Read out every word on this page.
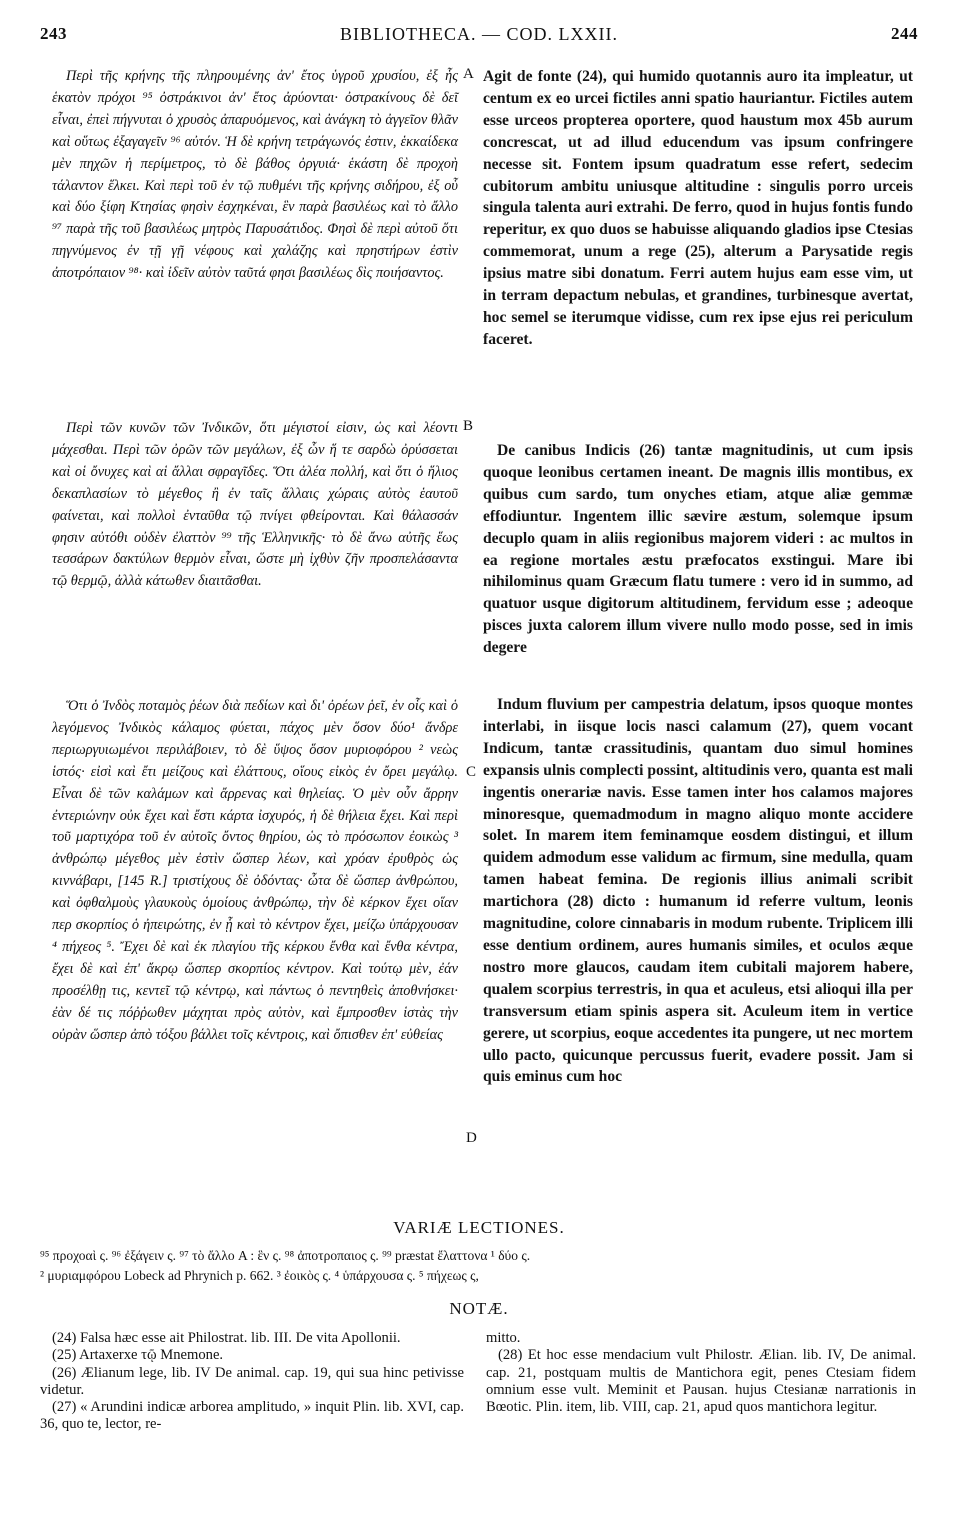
243	BIBLIOTHECA. — COD. LXXII.	244

Περὶ τῆς κρήνης τῆς πληρουμένης ἀν' ἔτος ὑγροῦ χρυσίου, ἐξ ἧς ἑκατὸν πρόχοι ⁹⁵ ὀστράκινοι ἀν' ἔτος ἀρύονται· ὀστρακίνους δὲ δεῖ εἶναι, ἐπεὶ πήγνυται ὁ χρυσὸς ἀπαρυόμενος, καὶ ἀνάγκη τὸ ἀγγεῖον θλᾶν καὶ οὕτως ἐξαγαγεῖν ⁹⁶ αὐτόν. Ἡ δὲ κρήνη τετράγωνός ἐστιν, ἑκκαίδεκα μὲν πηχῶν ἡ περίμετρος, τὸ δὲ βάθος ὀργυιά· ἑκάστη δὲ προχοὴ τάλαντον ἕλκει. Καὶ περὶ τοῦ ἐν τῷ πυθμένι τῆς κρήνης σιδήρου, ἐξ οὗ καὶ δύο ξίφη Κτησίας φησὶν ἐσχηκέναι, ἓν παρὰ βασιλέως καὶ τὸ ἄλλο ⁹⁷ παρὰ τῆς τοῦ βασιλέως μητρὸς Παρυσάτιδος. Φησὶ δὲ περὶ αὐτοῦ ὅτι πηγνύμενος ἐν τῇ γῇ νέφους καὶ χαλάζης καὶ πρηστήρων ἐστὶν ἀποτρόπαιον ⁹⁸· καὶ ἰδεῖν αὐτὸν ταῦτά φησι βασιλέως δὶς ποιήσαντος.

Περὶ τῶν κυνῶν τῶν Ἰνδικῶν, ὅτι μέγιστοί εἰσιν, ὡς καὶ λέοντι μάχεσθαι. Περὶ τῶν ὀρῶν τῶν μεγάλων, ἐξ ὧν ἥ τε σαρδὼ ὀρύσσεται καὶ οἱ ὄνυχες καὶ αἱ ἄλλαι σφραγῖδες. Ὅτι ἀλέα πολλή, καὶ ὅτι ὁ ἥλιος δεκαπλασίων τὸ μέγεθος ἢ ἐν ταῖς ἄλλαις χώραις αὐτὸς ἑαυτοῦ φαίνεται, καὶ πολλοὶ ἐνταῦθα τῷ πνίγει φθείρονται. Καὶ θάλασσάν φησιν αὐτόθι οὐδὲν ἐλαττὸν ⁹⁹ τῆς Ἑλληνικῆς· τὸ δὲ ἄνω αὐτῆς ἕως τεσσάρων δακτύλων θερμὸν εἶναι, ὥστε μὴ ἰχθὺν ζῆν προσπελάσαντα τῷ θερμῷ, ἀλλὰ κάτωθεν διαιτᾶσθαι.

Ὅτι ὁ Ἰνδὸς ποταμὸς ῥέων διὰ πεδίων καὶ δι' ὀρέων ῥεῖ, ἐν οἷς καὶ ὁ λεγόμενος Ἰνδικὸς κάλαμος φύεται, πάχος μὲν ὅσον δύο¹ ἄνδρε περιωργυιωμένοι περιλάβοιεν, τὸ δὲ ὕψος ὅσον μυριοφόρου ² νεὼς ἱστός· εἰσὶ καὶ ἔτι μείζους καὶ ἐλάττους, οἵους εἰκὸς ἐν ὄρει μεγάλῳ. Εἶναι δὲ τῶν καλάμων καὶ ἄρρενας καὶ θηλείας. Ὁ μὲν οὖν ἄρρην ἐντεριώνην οὐκ ἔχει καὶ ἔστι κάρτα ἰσχυρός, ἡ δὲ θήλεια ἔχει. Καὶ περὶ τοῦ μαρτιχόρα τοῦ ἐν αὐτοῖς ὄντος θηρίου, ὡς τὸ πρόσωπον ἐοικὼς ³ ἀνθρώπῳ μέγεθος μὲν ἐστὶν ὥσπερ λέων, καὶ χρόαν ἐρυθρὸς ὡς κιννάβαρι, [145 R.] τριστίχους δὲ ὀδόντας· ὦτα δὲ ὥσπερ ἀνθρώπου, καὶ ὀφθαλμοὺς γλαυκοὺς ὁμοίους ἀνθρώπῳ, τὴν δὲ κέρκον ἔχει οἵαν περ σκορπίος ὁ ἠπειρώτης, ἐν ᾗ καὶ τὸ κέντρον ἔχει, μείζω ὑπάρχουσαν ⁴ πήχεος ⁵. Ἔχει δὲ καὶ ἐκ πλαγίου τῆς κέρκου ἔνθα καὶ ἔνθα κέντρα, ἔχει δὲ καὶ ἐπ' ἄκρῳ ὥσπερ σκορπίος κέντρον. Καὶ τούτῳ μὲν, ἐάν προσέλθῃ τις, κεντεῖ τῷ κέντρῳ, καὶ πάντως ὁ πεντηθεὶς ἀποθνήσκει· ἐὰν δέ τις πόῤῥωθεν μάχηται πρὸς αὐτὸν, καὶ ἔμπροσθεν ἱστὰς τὴν οὐρὰν ὥσπερ ἀπὸ τόξου βάλλει τοῖς κέντροις, καὶ ὄπισθεν ἐπ' εὐθείας

A
B
C
D

Agit de fonte (24), qui humido quotannis auro ita impleatur, ut centum ex eo urcei fictiles anni spatio hauriantur. Fictiles autem esse urceos propterea oportere, quod haustum mox 45b aurum concrescat, ut ad illud educendum vas ipsum confringere necesse sit. Fontem ipsum quadratum esse refert, sedecim cubitorum ambitu uniusque altitudine : singulis porro urceis singula talenta auri extrahi. De ferro, quod in hujus fontis fundo reperitur, ex quo duos se habuisse aliquando gladios ipse Ctesias commemorat, unum a rege (25), alterum a Parysatide regis ipsius matre sibi donatum. Ferri autem hujus eam esse vim, ut in terram depactum nebulas, et grandines, turbinesque avertat, hoc semel se iterumque vidisse, cum rex ipse ejus rei periculum faceret.

De canibus Indicis (26) tantæ magnitudinis, ut cum ipsis quoque leonibus certamen ineant. De magnis illis montibus, ex quibus cum sardo, tum onyches etiam, atque aliæ gemmæ effodiuntur. Ingentem illic sævire æstum, solemque ipsum decuplo quam in aliis regionibus majorem videri : ac multos in ea regione mortales æstu præfocatos exstingui. Mare ibi nihilominus quam Græcum flatu tumere : vero id in summo, ad quatuor usque digitorum altitudinem, fervidum esse ; adeoque pisces juxta calorem illum vivere nullo modo posse, sed in imis degere

Indum fluvium per campestria delatum, ipsos quoque montes interlabi, in iisque locis nasci calamum (27), quem vocant Indicum, tantæ crassitudinis, quantam duo simul homines expansis ulnis complecti possint, altitudinis vero, quanta est mali ingentis onerariæ navis. Esse tamen inter hos calamos majores minoresque, quemadmodum in magno aliquo monte accidere solet. In marem item feminamque eosdem distingui, et illum quidem admodum esse validum ac firmum, sine medulla, quam tamen habeat femina. De regionis illius animali scribit martichora (28) dicto : humanum id referre vultum, leonis magnitudine, colore cinnabaris in modum rubente. Triplicem illi esse dentium ordinem, aures humanis similes, et oculos æque nostro more glaucos, caudam item cubitali majorem habere, qualem scorpius terrestris, in qua et aculeus, etsi alioqui illa per transversum etiam spinis aspera sit. Aculeum item in vertice gerere, ut scorpius, eoque accedentes ita pungere, ut nec mortem ullo pacto, quicunque percussus fuerit, evadere possit. Jam si quis eminus cum hoc

VARIÆ LECTIONES.
⁹⁵ προχοαὶ ς. ⁹⁶ ἐξάγειν ς. ⁹⁷ τὸ ἄλλο A : ἓν ς. ⁹⁸ ἀποτροπαιος ς. ⁹⁹ præstat ἔλαττονα ¹ δύο ς.
² μυριαμφόρου Lobeck ad Phrynich p. 662. ³ ἐοικὸς ς. ⁴ ὑπάρχουσα ς. ⁵ πήχεως ς,
NOTÆ.

(24) Falsa hæc esse ait Philostrat. lib. III. De vita Apollonii.

(25) Artaxerxe τῷ Mnemone.

(26) Ælianum lege, lib. IV De animal. cap. 19, qui sua hinc petivisse videtur.

(27) « Arundini indicæ arborea amplitudo, » inquit Plin. lib. XVI, cap. 36, quo te, lector, re-

mitto.

(28) Et hoc esse mendacium vult Philostr. Ælian. lib. IV, De animal. cap. 21, postquam multis de Mantichora egit, penes Ctesiam fidem omnium esse vult. Meminit et Pausan. hujus Ctesianæ narrationis in Bœotic. Plin. item, lib. VIII, cap. 21, apud quos mantichora legitur.
